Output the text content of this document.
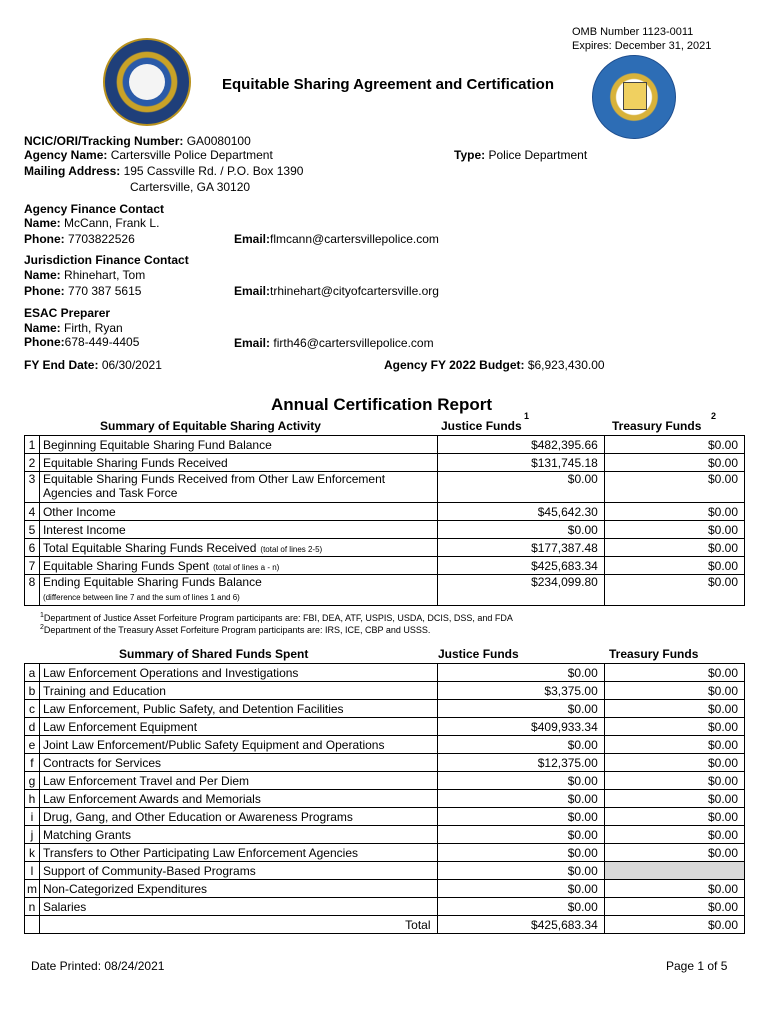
OMB Number 1123-0011
Expires: December 31, 2021
Equitable Sharing Agreement and Certification
NCIC/ORI/Tracking Number: GA0080100
Agency Name: Cartersville Police Department	Type: Police Department
Mailing Address: 195 Cassville Rd. / P.O. Box 1390
Cartersville, GA 30120
Agency Finance Contact
Name: McCann, Frank L.
Phone: 7703822526	Email:flmcann@cartersvillepolice.com
Jurisdiction Finance Contact
Name: Rhinehart, Tom
Phone: 770 387 5615	Email:trhinehart@cityofcartersville.org
ESAC Preparer
Name: Firth, Ryan
Phone:678-449-4405	Email: firth46@cartersvillepolice.com
FY End Date: 06/30/2021	Agency FY 2022 Budget: $6,923,430.00
Annual Certification Report
Summary of Equitable Sharing Activity	Justice Funds
1
Treasury Funds
2
1	Beginning Equitable Sharing Fund Balance	$482,395.66	$0.00
2	Equitable Sharing Funds Received	$131,745.18	$0.00
3	Equitable Sharing Funds Received from Other Law Enforcement
Agencies and Task Force	$0.00	$0.00
4	Other Income	$45,642.30	$0.00
5	Interest Income	$0.00	$0.00
6	Total Equitable Sharing Funds Received (total of lines 2-5)	$177,387.48	$0.00
7	Equitable Sharing Funds Spent (total of lines a - n)	$425,683.34	$0.00
8	Ending Equitable Sharing Funds Balance
(difference between line 7 and the sum of lines 1 and 6)	$234,099.80	$0.00
$^1$Department of Justice Asset Forfeiture Program participants are: FBI, DEA, ATF, USPIS, USDA, DCIS, DSS, and FDA
$^2$Department of the Treasury Asset Forfeiture Program participants are: IRS, ICE, CBP and USSS.
Summary of Shared Funds Spent	Justice Funds	Treasury Funds
a	Law Enforcement Operations and Investigations	$0.00	$0.00
b	Training and Education	$3,375.00	$0.00
c	Law Enforcement, Public Safety, and Detention Facilities	$0.00	$0.00
d	Law Enforcement Equipment	$409,933.34	$0.00
e	Joint Law Enforcement/Public Safety Equipment and Operations	$0.00	$0.00
f	Contracts for Services	$12,375.00	$0.00
g	Law Enforcement Travel and Per Diem	$0.00	$0.00
h	Law Enforcement Awards and Memorials	$0.00	$0.00
i	Drug, Gang, and Other Education or Awareness Programs	$0.00	$0.00
j	Matching Grants	$0.00	$0.00
k	Transfers to Other Participating Law Enforcement Agencies	$0.00	$0.00
l	Support of Community-Based Programs	$0.00	
m	Non-Categorized Expenditures	$0.00	$0.00
n	Salaries	$0.00	$0.00
	Total	$425,683.34	$0.00
Date Printed: 08/24/2021	Page 1 of 5
